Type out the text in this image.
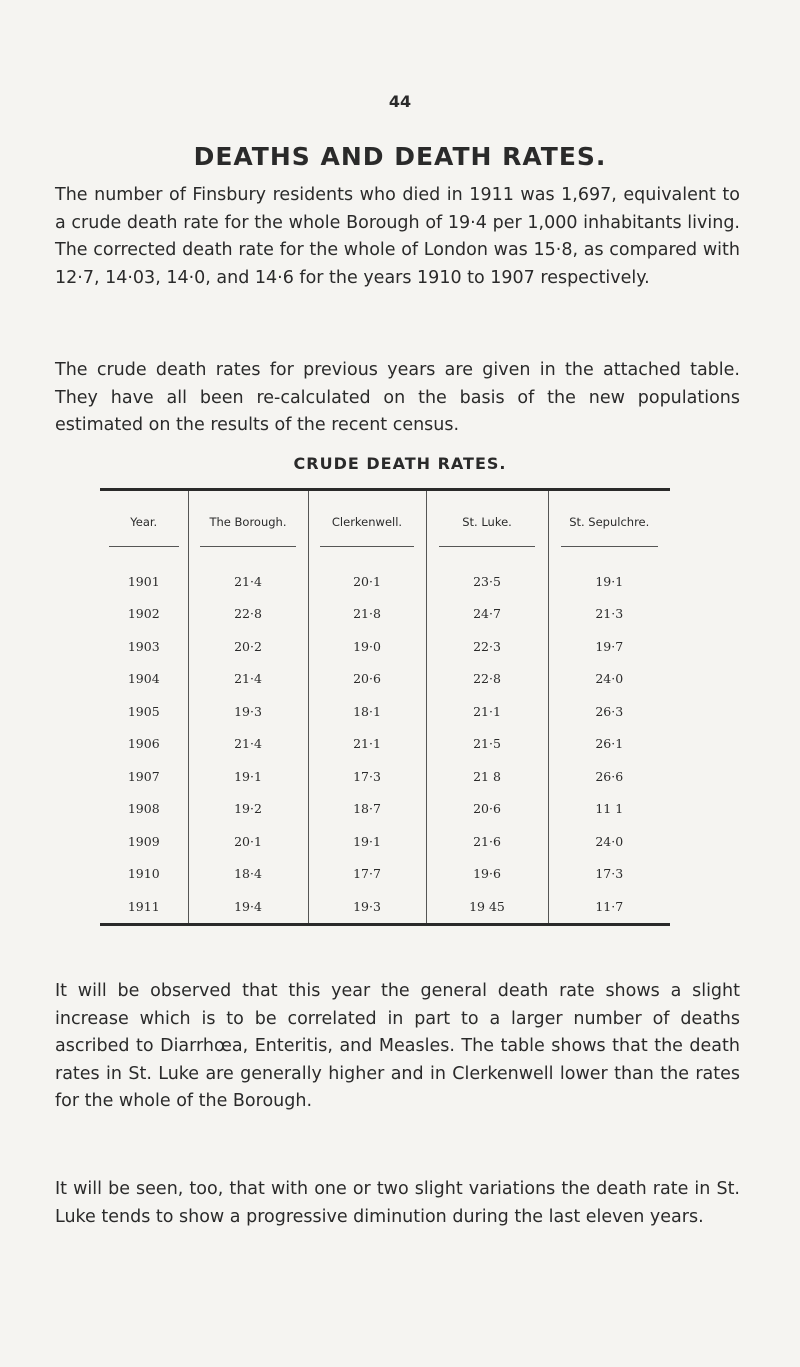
44
DEATHS AND DEATH RATES.

The number of Finsbury residents who died in 1911 was 1,697, equivalent to a crude death rate for the whole Borough of 19·4 per 1,000 inhabitants living. The corrected death rate for the whole of London was 15·8, as compared with 12·7, 14·03, 14·0, and 14·6 for the years 1910 to 1907 respectively.

The crude death rates for previous years are given in the attached table. They have all been re-calculated on the basis of the new populations estimated on the results of the recent census.

CRUDE DEATH RATES.
Year.	The Borough.	Clerkenwell.	St. Luke.	St. Sepulchre.

1901	21·4	20·1	23·5	19·1
1902	22·8	21·8	24·7	21·3
1903	20·2	19·0	22·3	19·7
1904	21·4	20·6	22·8	24·0
1905	19·3	18·1	21·1	26·3
1906	21·4	21·1	21·5	26·1
1907	19·1	17·3	21 8	26·6
1908	19·2	18·7	20·6	11 1
1909	20·1	19·1	21·6	24·0
1910	18·4	17·7	19·6	17·3
1911	19·4	19·3	19 45	11·7

It will be observed that this year the general death rate shows a slight increase which is to be correlated in part to a larger number of deaths ascribed to Diarrhœa, Enteritis, and Measles. The table shows that the death rates in St. Luke are generally higher and in Clerkenwell lower than the rates for the whole of the Borough.

It will be seen, too, that with one or two slight variations the death rate in St. Luke tends to show a progressive diminution during the last eleven years.
